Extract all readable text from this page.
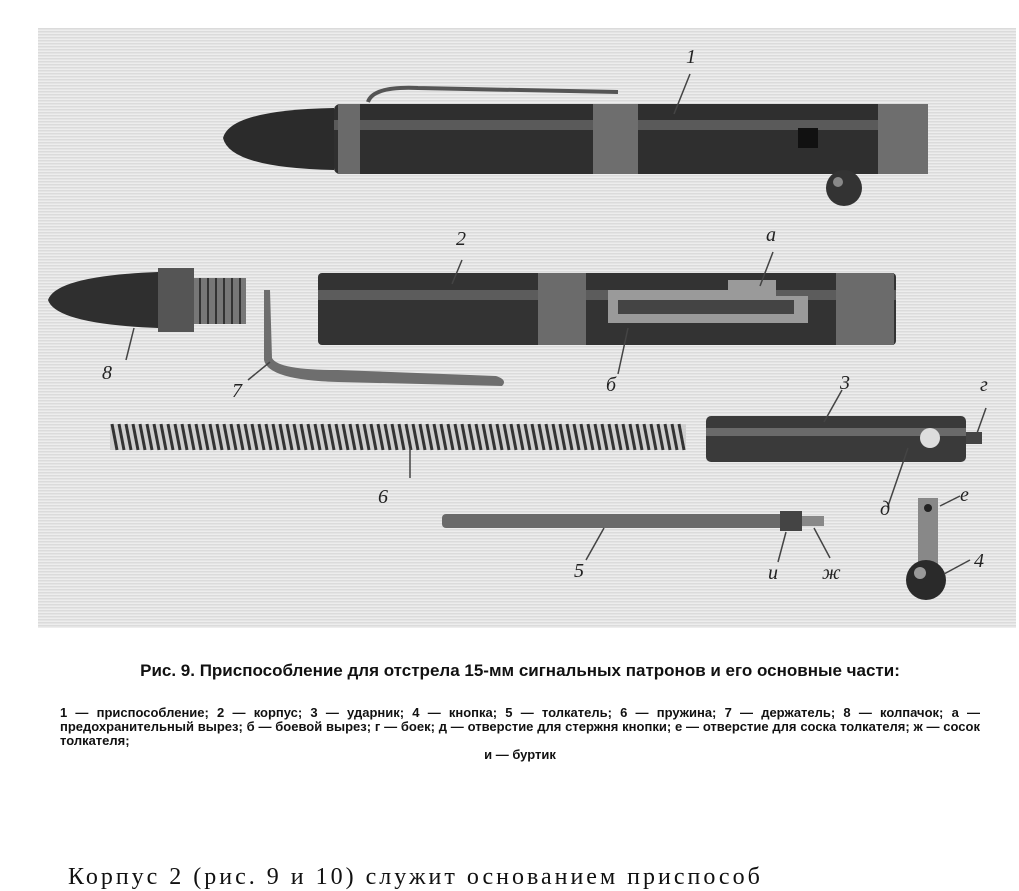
1
2	а
8
7	б	3	г
6
д
е
5	и ж
4
Рис. 9. Приспособление для отстрела 15-мм сигнальных патронов и его основные части:
1 — приспособление; 2 — корпус; 3 — ударник; 4 — кнопка; 5 — толкатель; 6 — пружина; 7 — держатель; 8 — колпачок; а — предохранительный вырез; б — боевой вырез; г — боек; д — отверстие для стержня кнопки; е — отверстие для соска толкателя; ж — сосок толкателя;
и — буртик
Корпус 2 (рис. 9 и 10) служит основанием приспособ
